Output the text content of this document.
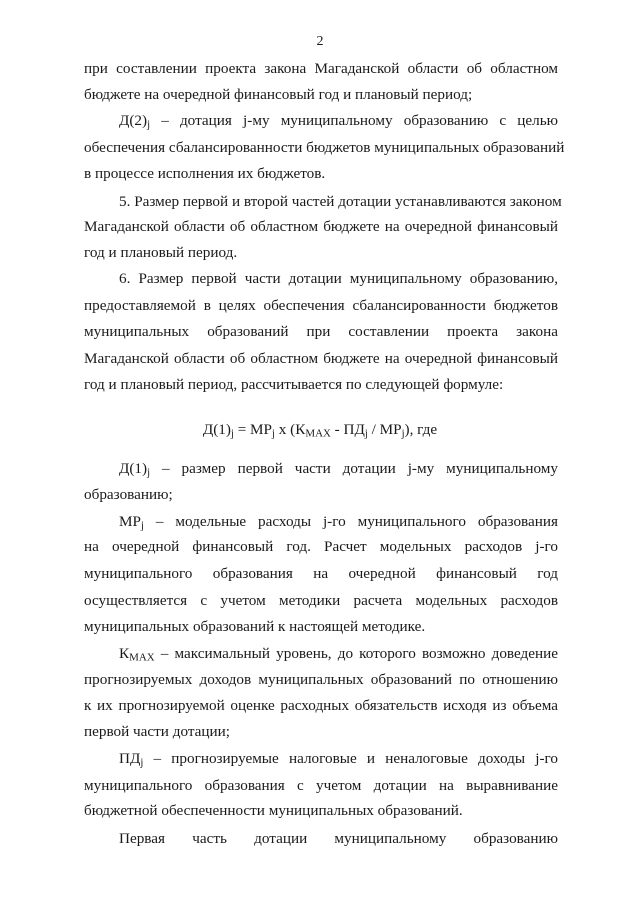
2
при составлении проекта закона Магаданской области об областном
бюджете на очередной финансовый год и плановый период;
$Д(2)_j$ – дотация j-му муниципальному образованию с целью
обеспечения сбалансированности бюджетов муниципальных образований
в процессе исполнения их бюджетов.
5. Размер первой и второй частей дотации устанавливаются законом
Магаданской области об областном бюджете на очередной финансовый
год и плановый период.
6. Размер первой части дотации муниципальному образованию,
предоставляемой в целях обеспечения сбалансированности бюджетов
муниципальных образований при составлении проекта закона
Магаданской области об областном бюджете на очередной финансовый
год и плановый период, рассчитывается по следующей формуле:
$Д(1)_j = МР_j$ х $(К_{MAX} - ПД_j / МР_j)$, где
$Д(1)_j$ – размер первой части дотации j-му муниципальному
образованию;
$МР_j$ – модельные расходы j-го муниципального образования
на очередной финансовый год. Расчет модельных расходов j-го
муниципального образования на очередной финансовый год
осуществляется с учетом методики расчета модельных расходов
муниципальных образований к настоящей методике.
$К_{MAX}$ – максимальный уровень, до которого возможно доведение
прогнозируемых доходов муниципальных образований по отношению
к их прогнозируемой оценке расходных обязательств исходя из объема
первой части дотации;
$ПД_j$ – прогнозируемые налоговые и неналоговые доходы j-го
муниципального образования с учетом дотации на выравнивание
бюджетной обеспеченности муниципальных образований.
Первая часть дотации муниципальному образованию
